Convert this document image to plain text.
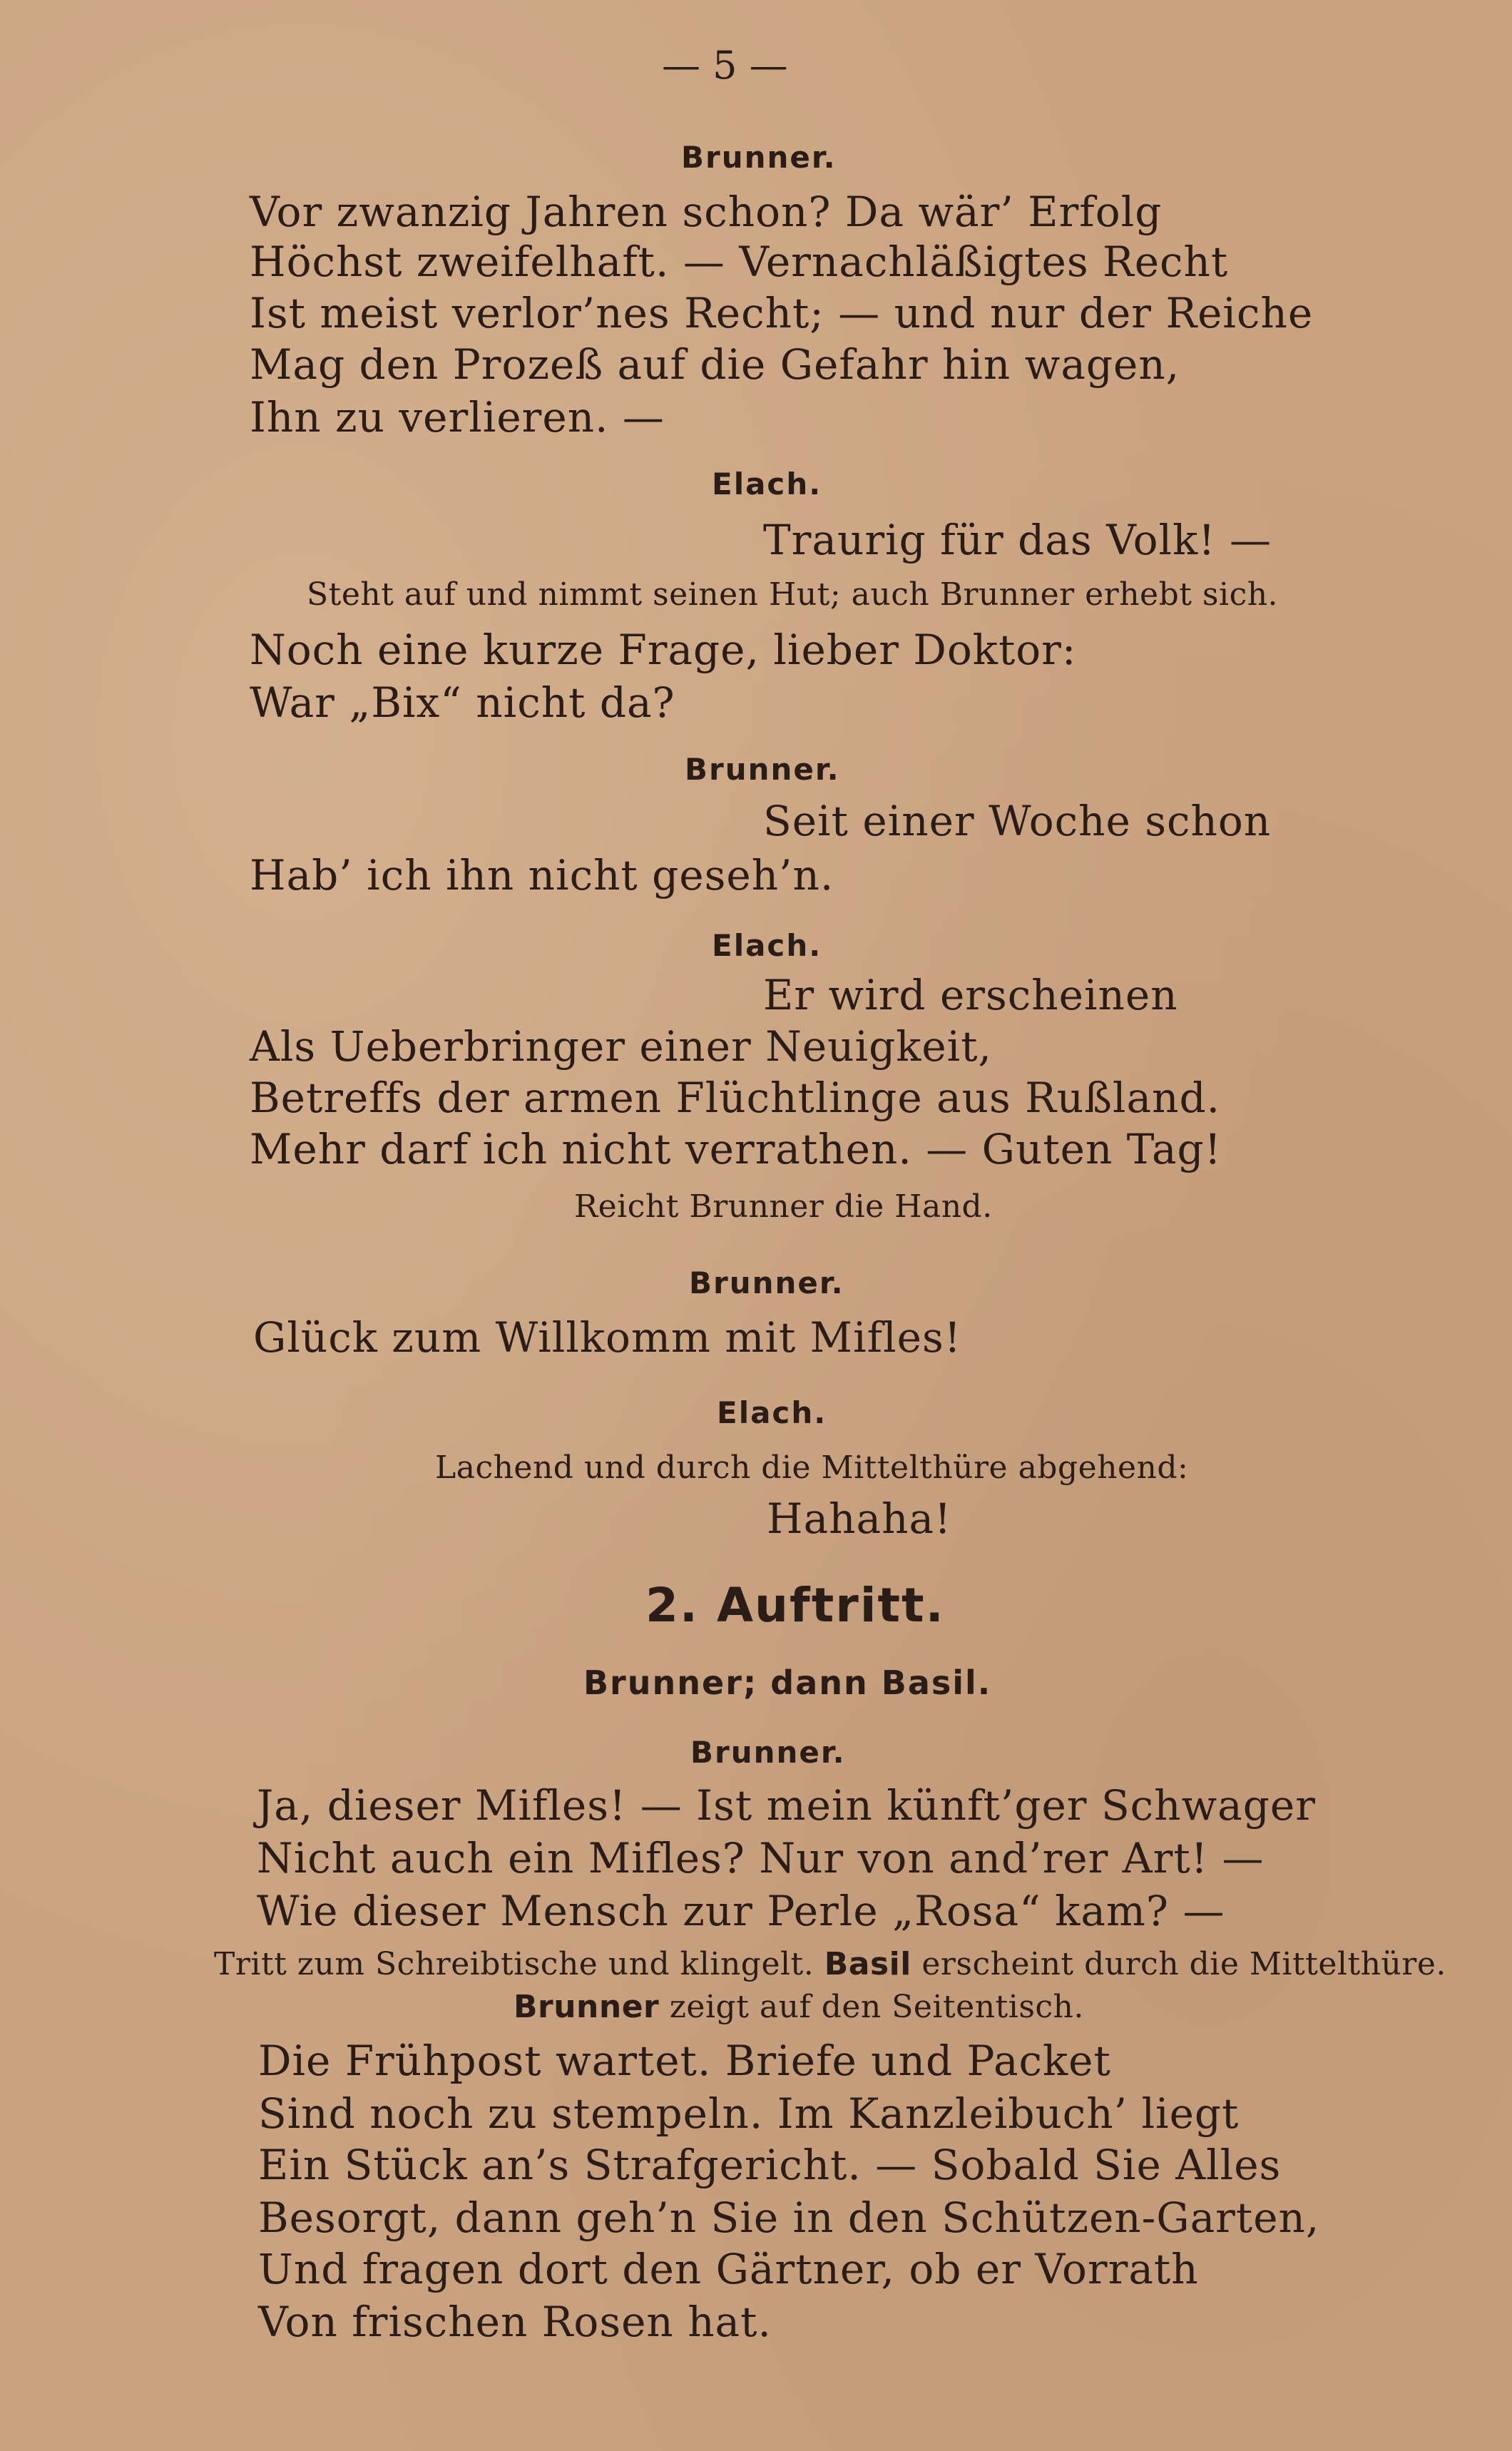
— 5 —
Brunner.
Vor zwanzig Jahren schon? Da wär’ Erfolg
Höchst zweifelhaft. — Vernachläßigtes Recht
Ist meist verlor’nes Recht; — und nur der Reiche
Mag den Prozeß auf die Gefahr hin wagen,
Ihn zu verlieren. —
Elach.
Traurig für das Volk! —
Steht auf und nimmt seinen Hut; auch Brunner erhebt sich.
Noch eine kurze Frage, lieber Doktor:
War „Bix“ nicht da?
Brunner.
Seit einer Woche schon
Hab’ ich ihn nicht geseh’n.
Elach.
Er wird erscheinen
Als Ueberbringer einer Neuigkeit,
Betreffs der armen Flüchtlinge aus Rußland.
Mehr darf ich nicht verrathen. — Guten Tag!
Reicht Brunner die Hand.
Brunner.
Glück zum Willkomm mit Mifles!
Elach.
Lachend und durch die Mittelthüre abgehend:
Hahaha!
2. Auftritt.
Brunner; dann Basil.
Brunner.
Ja, dieser Mifles! — Ist mein künft’ger Schwager
Nicht auch ein Mifles? Nur von and’rer Art! —
Wie dieser Mensch zur Perle „Rosa“ kam? —
Tritt zum Schreibtische und klingelt. Basil erscheint durch die Mittelthüre.
Brunner zeigt auf den Seitentisch.
Die Frühpost wartet. Briefe und Packet
Sind noch zu stempeln. Im Kanzleibuch’ liegt
Ein Stück an’s Strafgericht. — Sobald Sie Alles
Besorgt, dann geh’n Sie in den Schützen-Garten,
Und fragen dort den Gärtner, ob er Vorrath
Von frischen Rosen hat.
